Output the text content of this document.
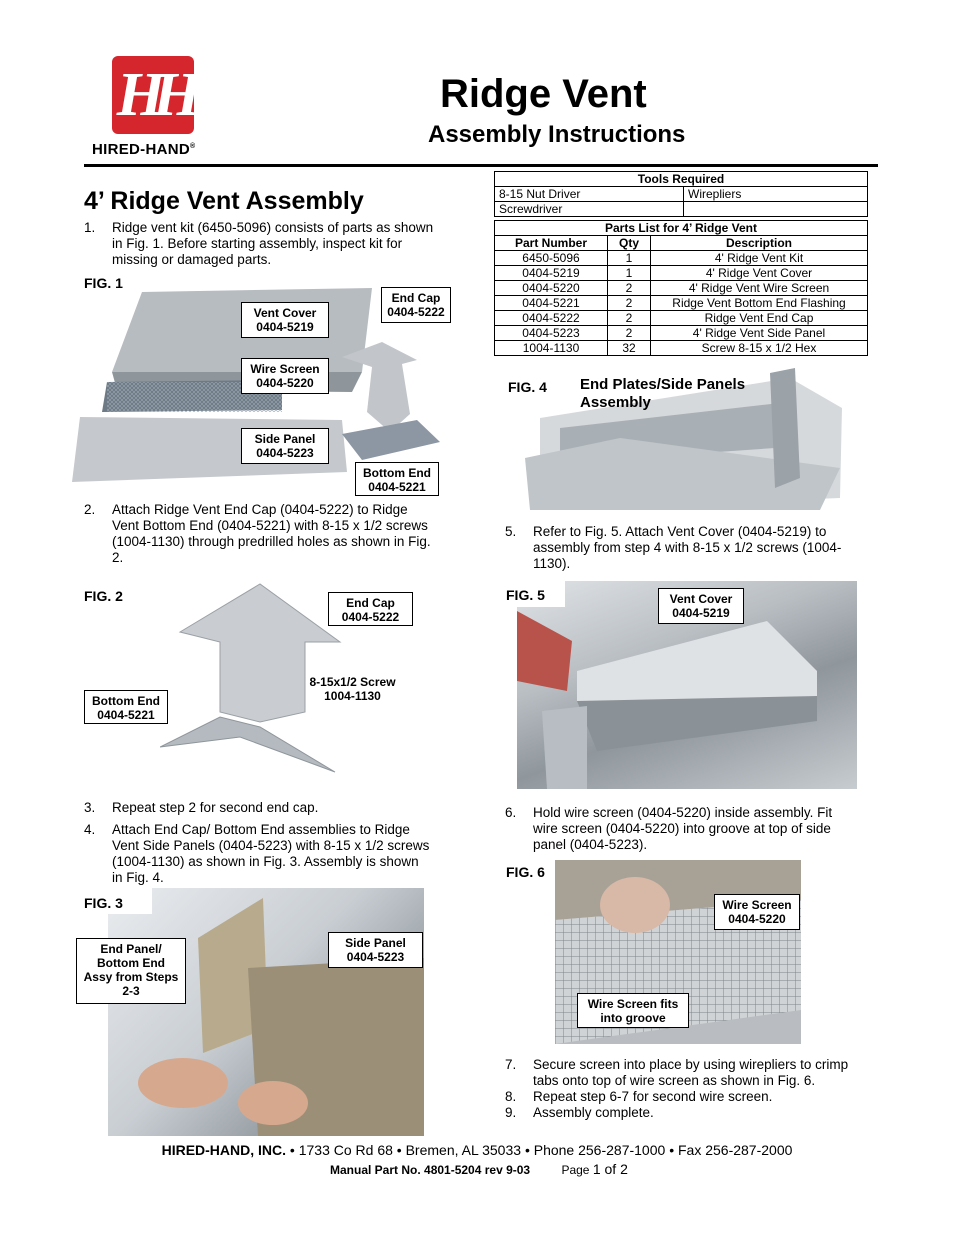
HH
HIRED-HAND®
Ridge Vent
Assembly Instructions
4’ Ridge Vent Assembly
1. Ridge vent kit (6450-5096) consists of parts as shown
in Fig. 1. Before starting assembly, inspect kit for
missing or damaged parts.
FIG. 1
Vent Cover
0404-5219
End Cap
0404-5222
Wire Screen
0404-5220
Side Panel
0404-5223
Bottom End
0404-5221
2. Attach Ridge Vent End Cap (0404-5222) to Ridge
Vent Bottom End (0404-5221) with 8-15 x 1/2 screws
(1004-1130) through predrilled holes as shown in Fig.
2.
FIG. 2	End Cap
0404-5222
8-15x1/2 Screw
1004-1130
Bottom End
0404-5221
3. Repeat step 2 for second end cap.
4. Attach End Cap/ Bottom End assemblies to Ridge
Vent Side Panels (0404-5223) with 8-15 x 1/2 screws
(1004-1130) as shown in Fig. 3. Assembly is shown
in Fig. 4.
FIG. 3
End Panel/
Bottom End
Assy from Steps
2-3
Side Panel
0404-5223
Tools Required	
8-15 Nut Driver	Wirepliers
Screwdriver	
Parts List for 4’ Ridge Vent		
Part Number	Qty	Description
6450-5096	1	4' Ridge Vent Kit
0404-5219	1	4' Ridge Vent Cover
0404-5220	2	4' Ridge Vent Wire Screen
0404-5221	2	Ridge Vent Bottom End Flashing
0404-5222	2	Ridge Vent End Cap
0404-5223	2	4' Ridge Vent Side Panel
1004-1130	32	Screw 8-15 x 1/2 Hex
FIG. 4 End Plates/Side Panels
Assembly
5. Refer to Fig. 5. Attach Vent Cover (0404-5219) to
assembly from step 4 with 8-15 x 1/2 screws (1004-
1130).
FIG. 5	Vent Cover
0404-5219
6. Hold wire screen (0404-5220) inside assembly. Fit
wire screen (0404-5220) into groove at top of side
panel (0404-5223).
FIG. 6
Wire Screen
0404-5220
Wire Screen fits
into groove
7. Secure screen into place by using wirepliers to crimp
tabs onto top of wire screen as shown in Fig. 6.
8. Repeat step 6-7 for second wire screen.
9. Assembly complete.
HIRED-HAND, INC. • 1733 Co Rd 68 • Bremen, AL 35033 • Phone 256-287-1000 • Fax 256-287-2000
Manual Part No. 4801-5204 rev 9-03	Page 1 of 2
